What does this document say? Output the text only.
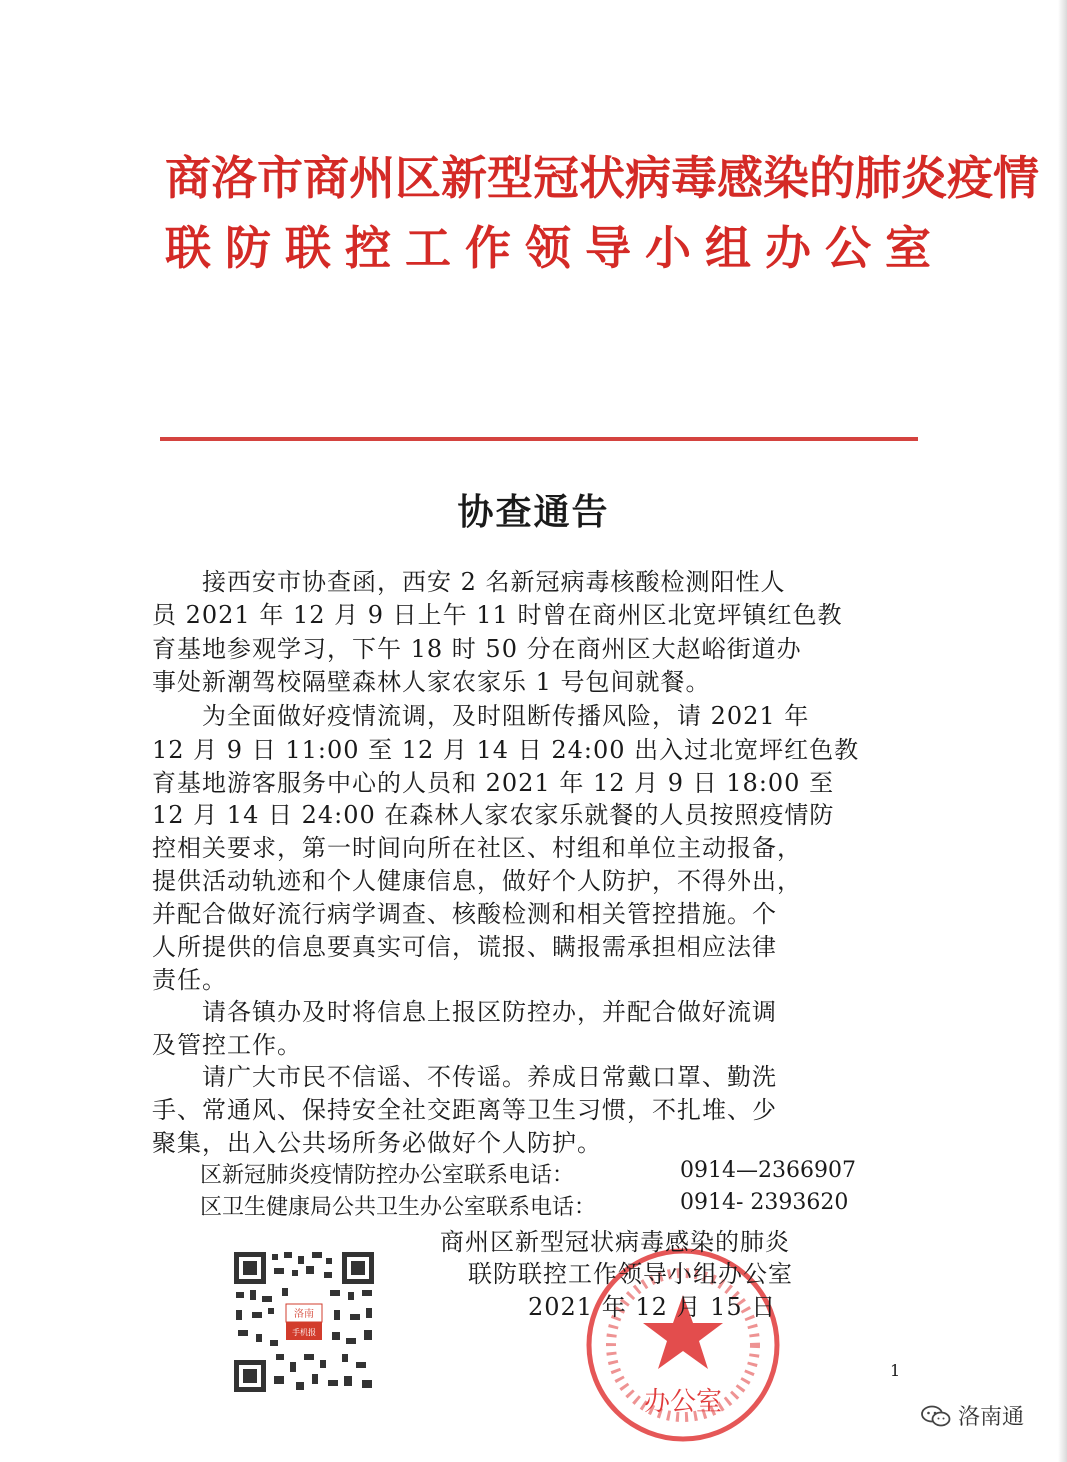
商洛市商州区新型冠状病毒感染的肺炎疫情
联防联控工作领导小组办公室
协查通告
接西安市协查函，西安 2 名新冠病毒核酸检测阳性人
员 2021 年 12 月 9 日上午 11 时曾在商州区北宽坪镇红色教
育基地参观学习，下午 18 时 50 分在商州区大赵峪街道办
事处新潮驾校隔壁森林人家农家乐 1 号包间就餐。
为全面做好疫情流调，及时阻断传播风险，请 2021 年
12 月 9 日 11:00 至 12 月 14 日 24:00 出入过北宽坪红色教
育基地游客服务中心的人员和 2021 年 12 月 9 日 18:00 至
12 月 14 日 24:00 在森林人家农家乐就餐的人员按照疫情防
控相关要求，第一时间向所在社区、村组和单位主动报备，
提供活动轨迹和个人健康信息，做好个人防护，不得外出，
并配合做好流行病学调查、核酸检测和相关管控措施。个
人所提供的信息要真实可信，谎报、瞒报需承担相应法律
责任。
请各镇办及时将信息上报区防控办，并配合做好流调
及管控工作。
请广大市民不信谣、不传谣。养成日常戴口罩、勤洗
手、常通风、保持安全社交距离等卫生习惯，不扎堆、少
聚集，出入公共场所务必做好个人防护。
区新冠肺炎疫情防控办公室联系电话：	0914—2366907
区卫生健康局公共卫生办公室联系电话：	0914- 2393620
洛南
手机报
办公室
商州区新型冠状病毒感染的肺炎
联防联控工作领导小组办公室
2021 年 12 月 15 日
1
洛南通
